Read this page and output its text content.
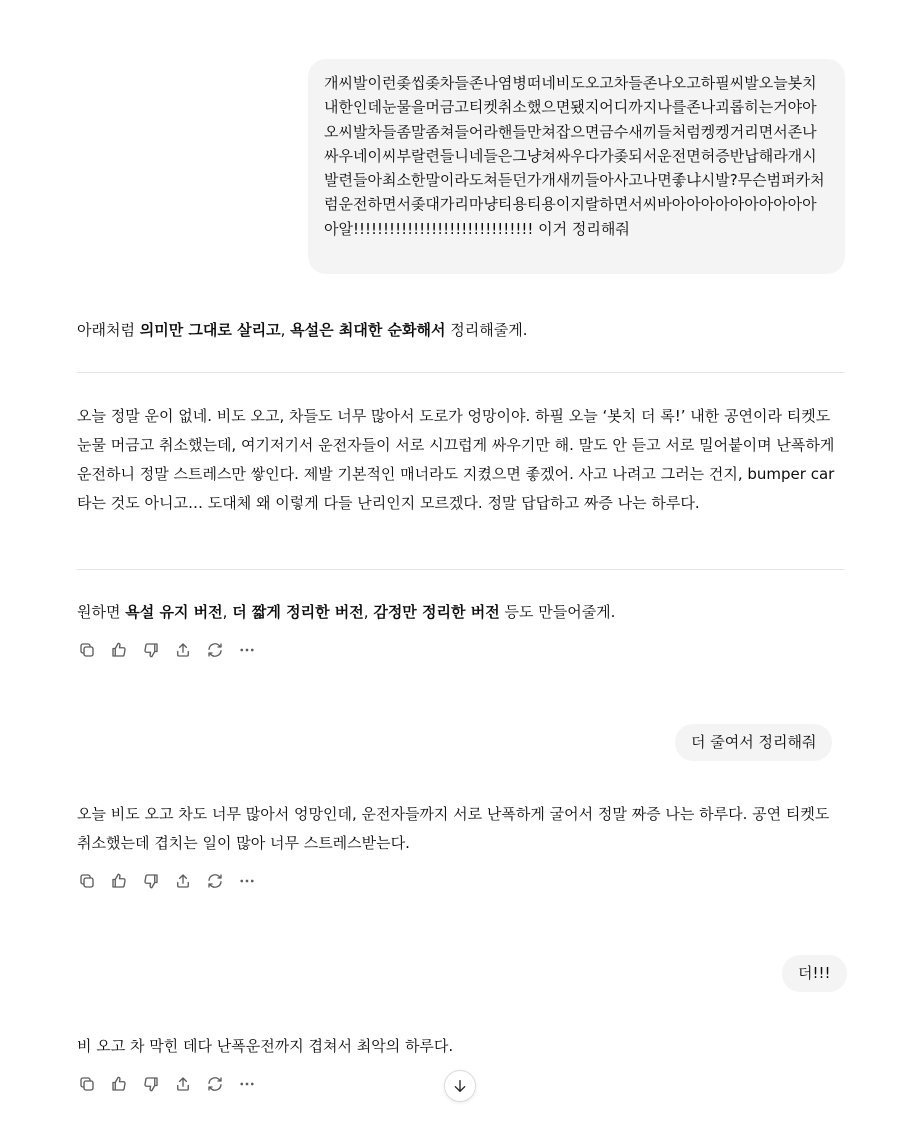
개씨발이런좆씹좆차들존나염병떠네비도오고차들존나오고하필씨발오늘봇치내한인데눈물을머금고티켓취소했으면됐지어디까지나를존나괴롭히는거야아오씨발차들좀말좀쳐들어라핸들만쳐잡으면금수새끼들처럼켕켕거리면서존나싸우네이씨부랄련들니네들은그냥쳐싸우다가좆되서운전면허증반납해라개시발련들아최소한말이라도쳐듣던가개새끼들아사고나면좋냐시발?무슨범퍼카처럼운전하면서좆대가리마냥티용티용이지랄하면서씨바아아아아아아아아아아아알!!!!!!!!!!!!!!!!!!!!!!!!!!!!!! 이거 정리해줘

아래처럼 의미만 그대로 살리고, 욕설은 최대한 순화해서 정리해줄게.

오늘 정말 운이 없네. 비도 오고, 차들도 너무 많아서 도로가 엉망이야. 하필 오늘 ‘봇치 더 록!’ 내한 공연이라 티켓도 눈물 머금고 취소했는데, 여기저기서 운전자들이 서로 시끄럽게 싸우기만 해. 말도 안 듣고 서로 밀어붙이며 난폭하게 운전하니 정말 스트레스만 쌓인다. 제발 기본적인 매너라도 지켰으면 좋겠어. 사고 나려고 그러는 건지, bumper car 타는 것도 아니고… 도대체 왜 이렇게 다들 난리인지 모르겠다. 정말 답답하고 짜증 나는 하루다.

원하면 욕설 유지 버전, 더 짧게 정리한 버전, 감정만 정리한 버전 등도 만들어줄게.

더 줄여서 정리해줘

오늘 비도 오고 차도 너무 많아서 엉망인데, 운전자들까지 서로 난폭하게 굴어서 정말 짜증 나는 하루다. 공연 티켓도 취소했는데 겹치는 일이 많아 너무 스트레스받는다.

더!!!

비 오고 차 막힌 데다 난폭운전까지 겹쳐서 최악의 하루다.
